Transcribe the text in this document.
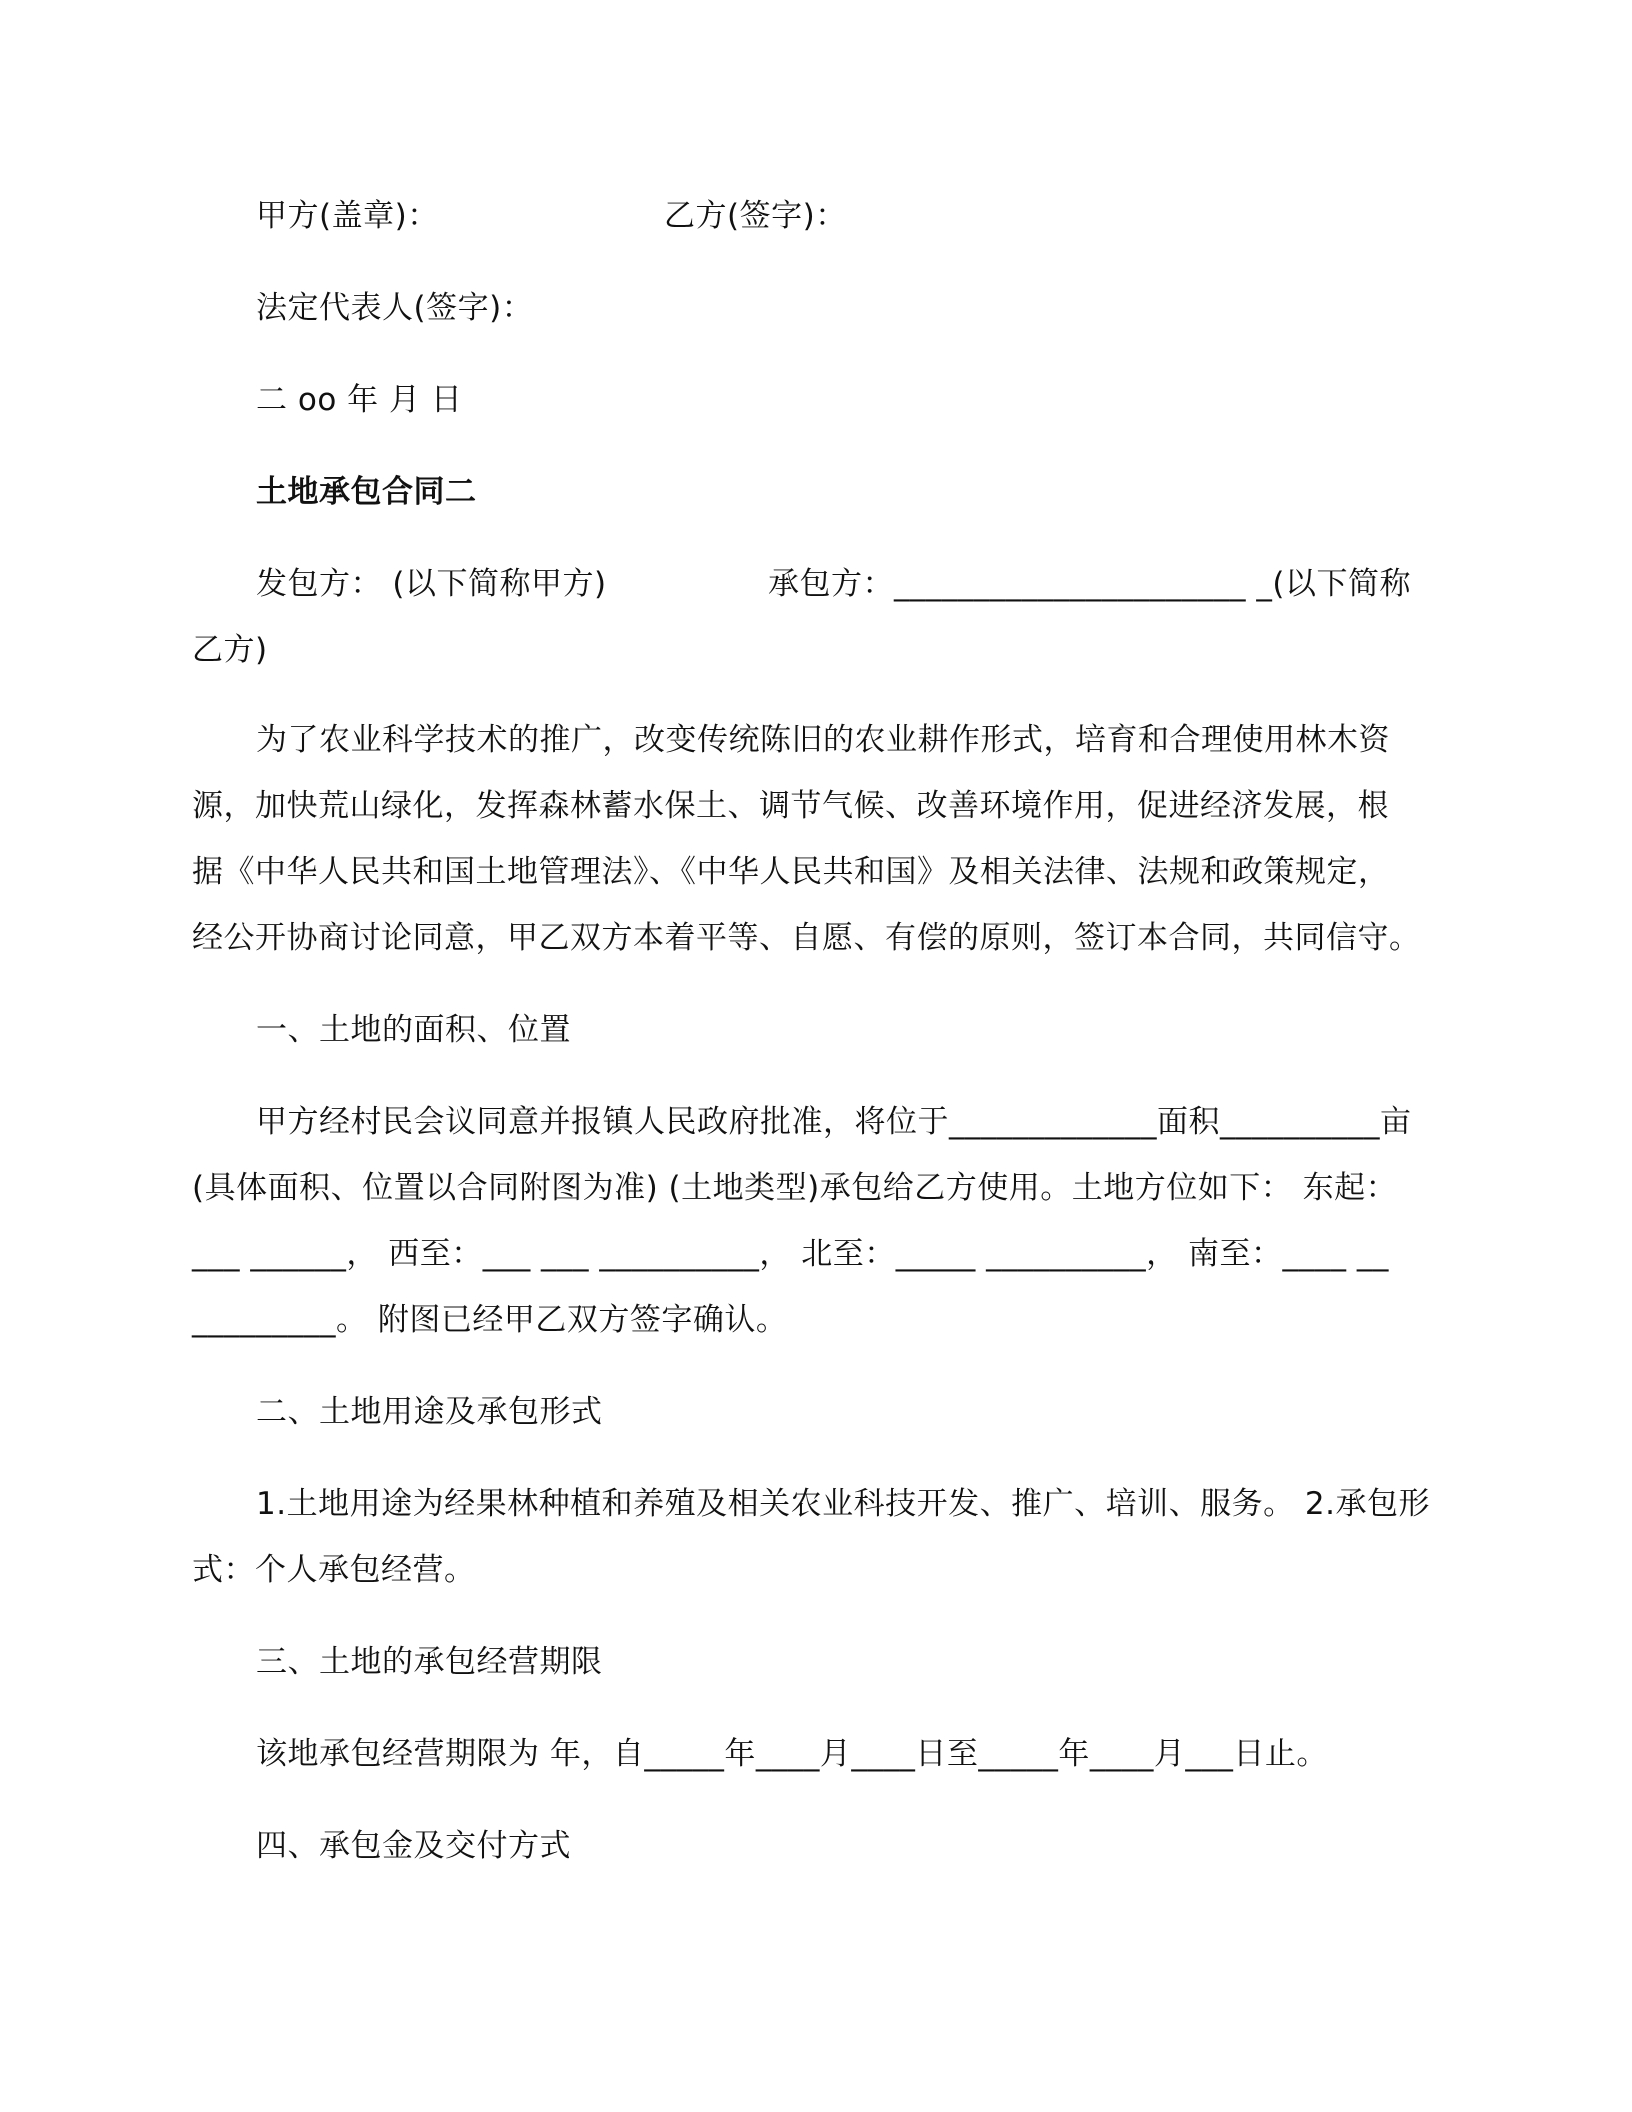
甲方(盖章)：	乙方(签字)：
法定代表人(签字)：
二 oo 年 月 日
土地承包合同二
发包方： (以下简称甲方)	承包方：______________________ _(以下简称
乙方)
为了农业科学技术的推广，改变传统陈旧的农业耕作形式，培育和合理使用林木资
源，加快荒山绿化，发挥森林蓄水保土、调节气候、改善环境作用，促进经济发展，根
据《中华人民共和国土地管理法》、《中华人民共和国》及相关法律、法规和政策规定，
经公开协商讨论同意，甲乙双方本着平等、自愿、有偿的原则，签订本合同，共同信守。
一、土地的面积、位置
甲方经村民会议同意并报镇人民政府批准，将位于_____________面积__________亩
(具体面积、位置以合同附图为准) (土地类型)承包给乙方使用。土地方位如下： 东起：
___ ______， 西至：___ ___ __________， 北至：_____ __________， 南至：____ __
_________。 附图已经甲乙双方签字确认。
二、土地用途及承包形式
1.土地用途为经果林种植和养殖及相关农业科技开发、推广、培训、服务。 2.承包形
式：个人承包经营。
三、土地的承包经营期限
该地承包经营期限为 年，自_____年____月____日至_____年____月___日止。
四、承包金及交付方式
